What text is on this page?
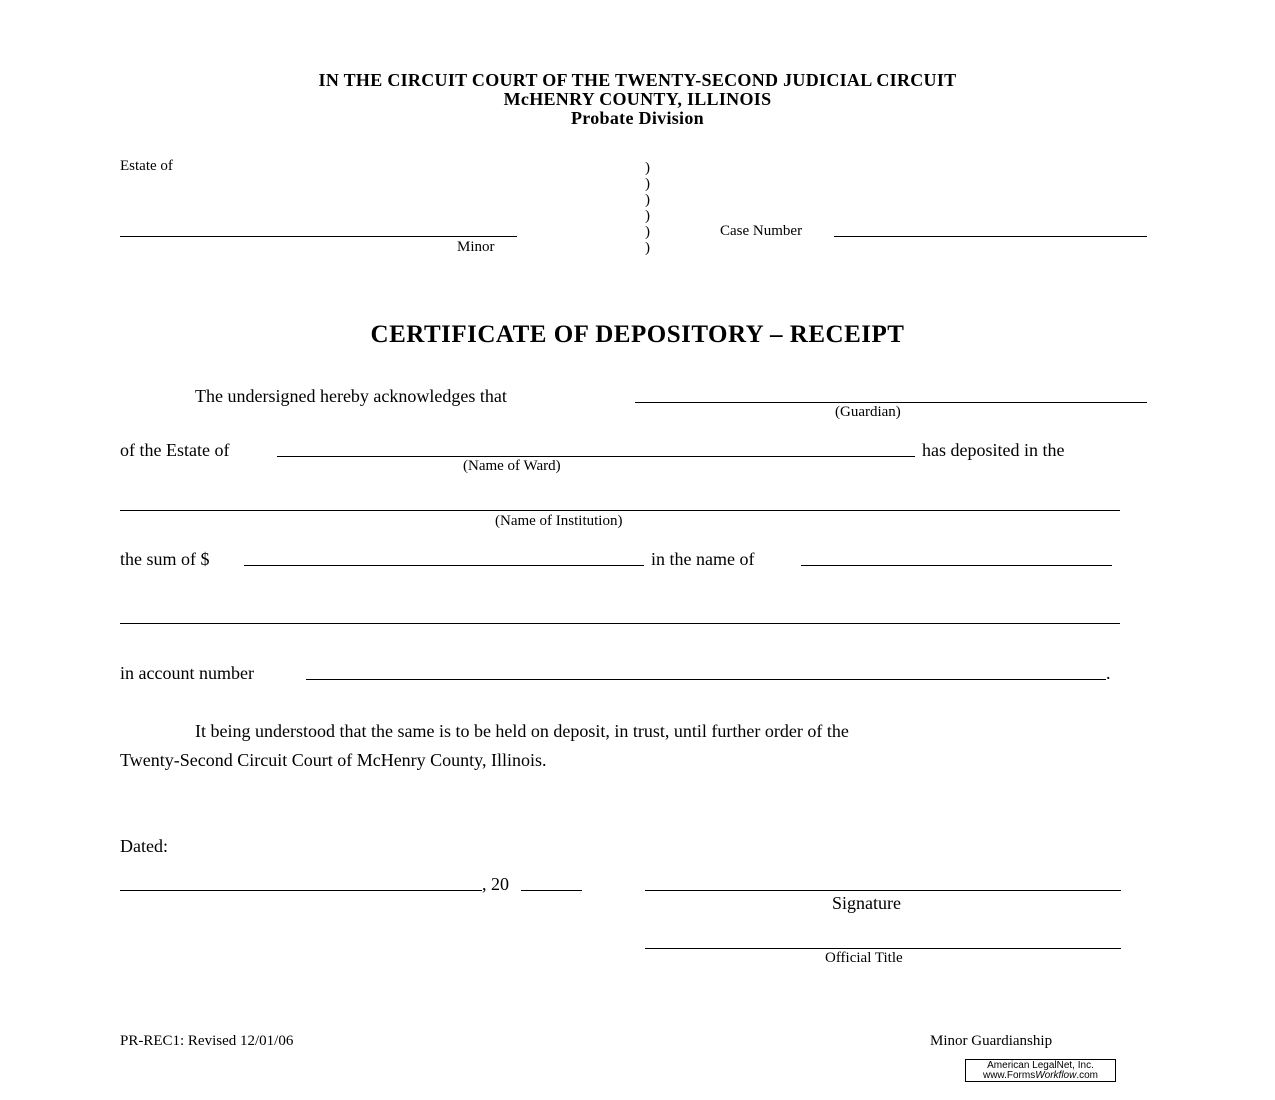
IN THE CIRCUIT COURT OF THE TWENTY-SECOND JUDICIAL CIRCUIT
McHENRY COUNTY, ILLINOIS
Probate Division
Estate of	)
)
)
)
)
)
Minor
Case Number
CERTIFICATE OF DEPOSITORY – RECEIPT
The undersigned hereby acknowledges that
(Guardian)
of the Estate of	has deposited in the
(Name of Ward)
(Name of Institution)
the sum of $	in the name of
in account number	.
It being understood that the same is to be held on deposit, in trust, until further order of the
Twenty-Second Circuit Court of McHenry County, Illinois.
Dated:
, 20
Signature
Official Title
PR-REC1: Revised 12/01/06	Minor Guardianship
American LegalNet, Inc.
www.FormsWorkflow.com
